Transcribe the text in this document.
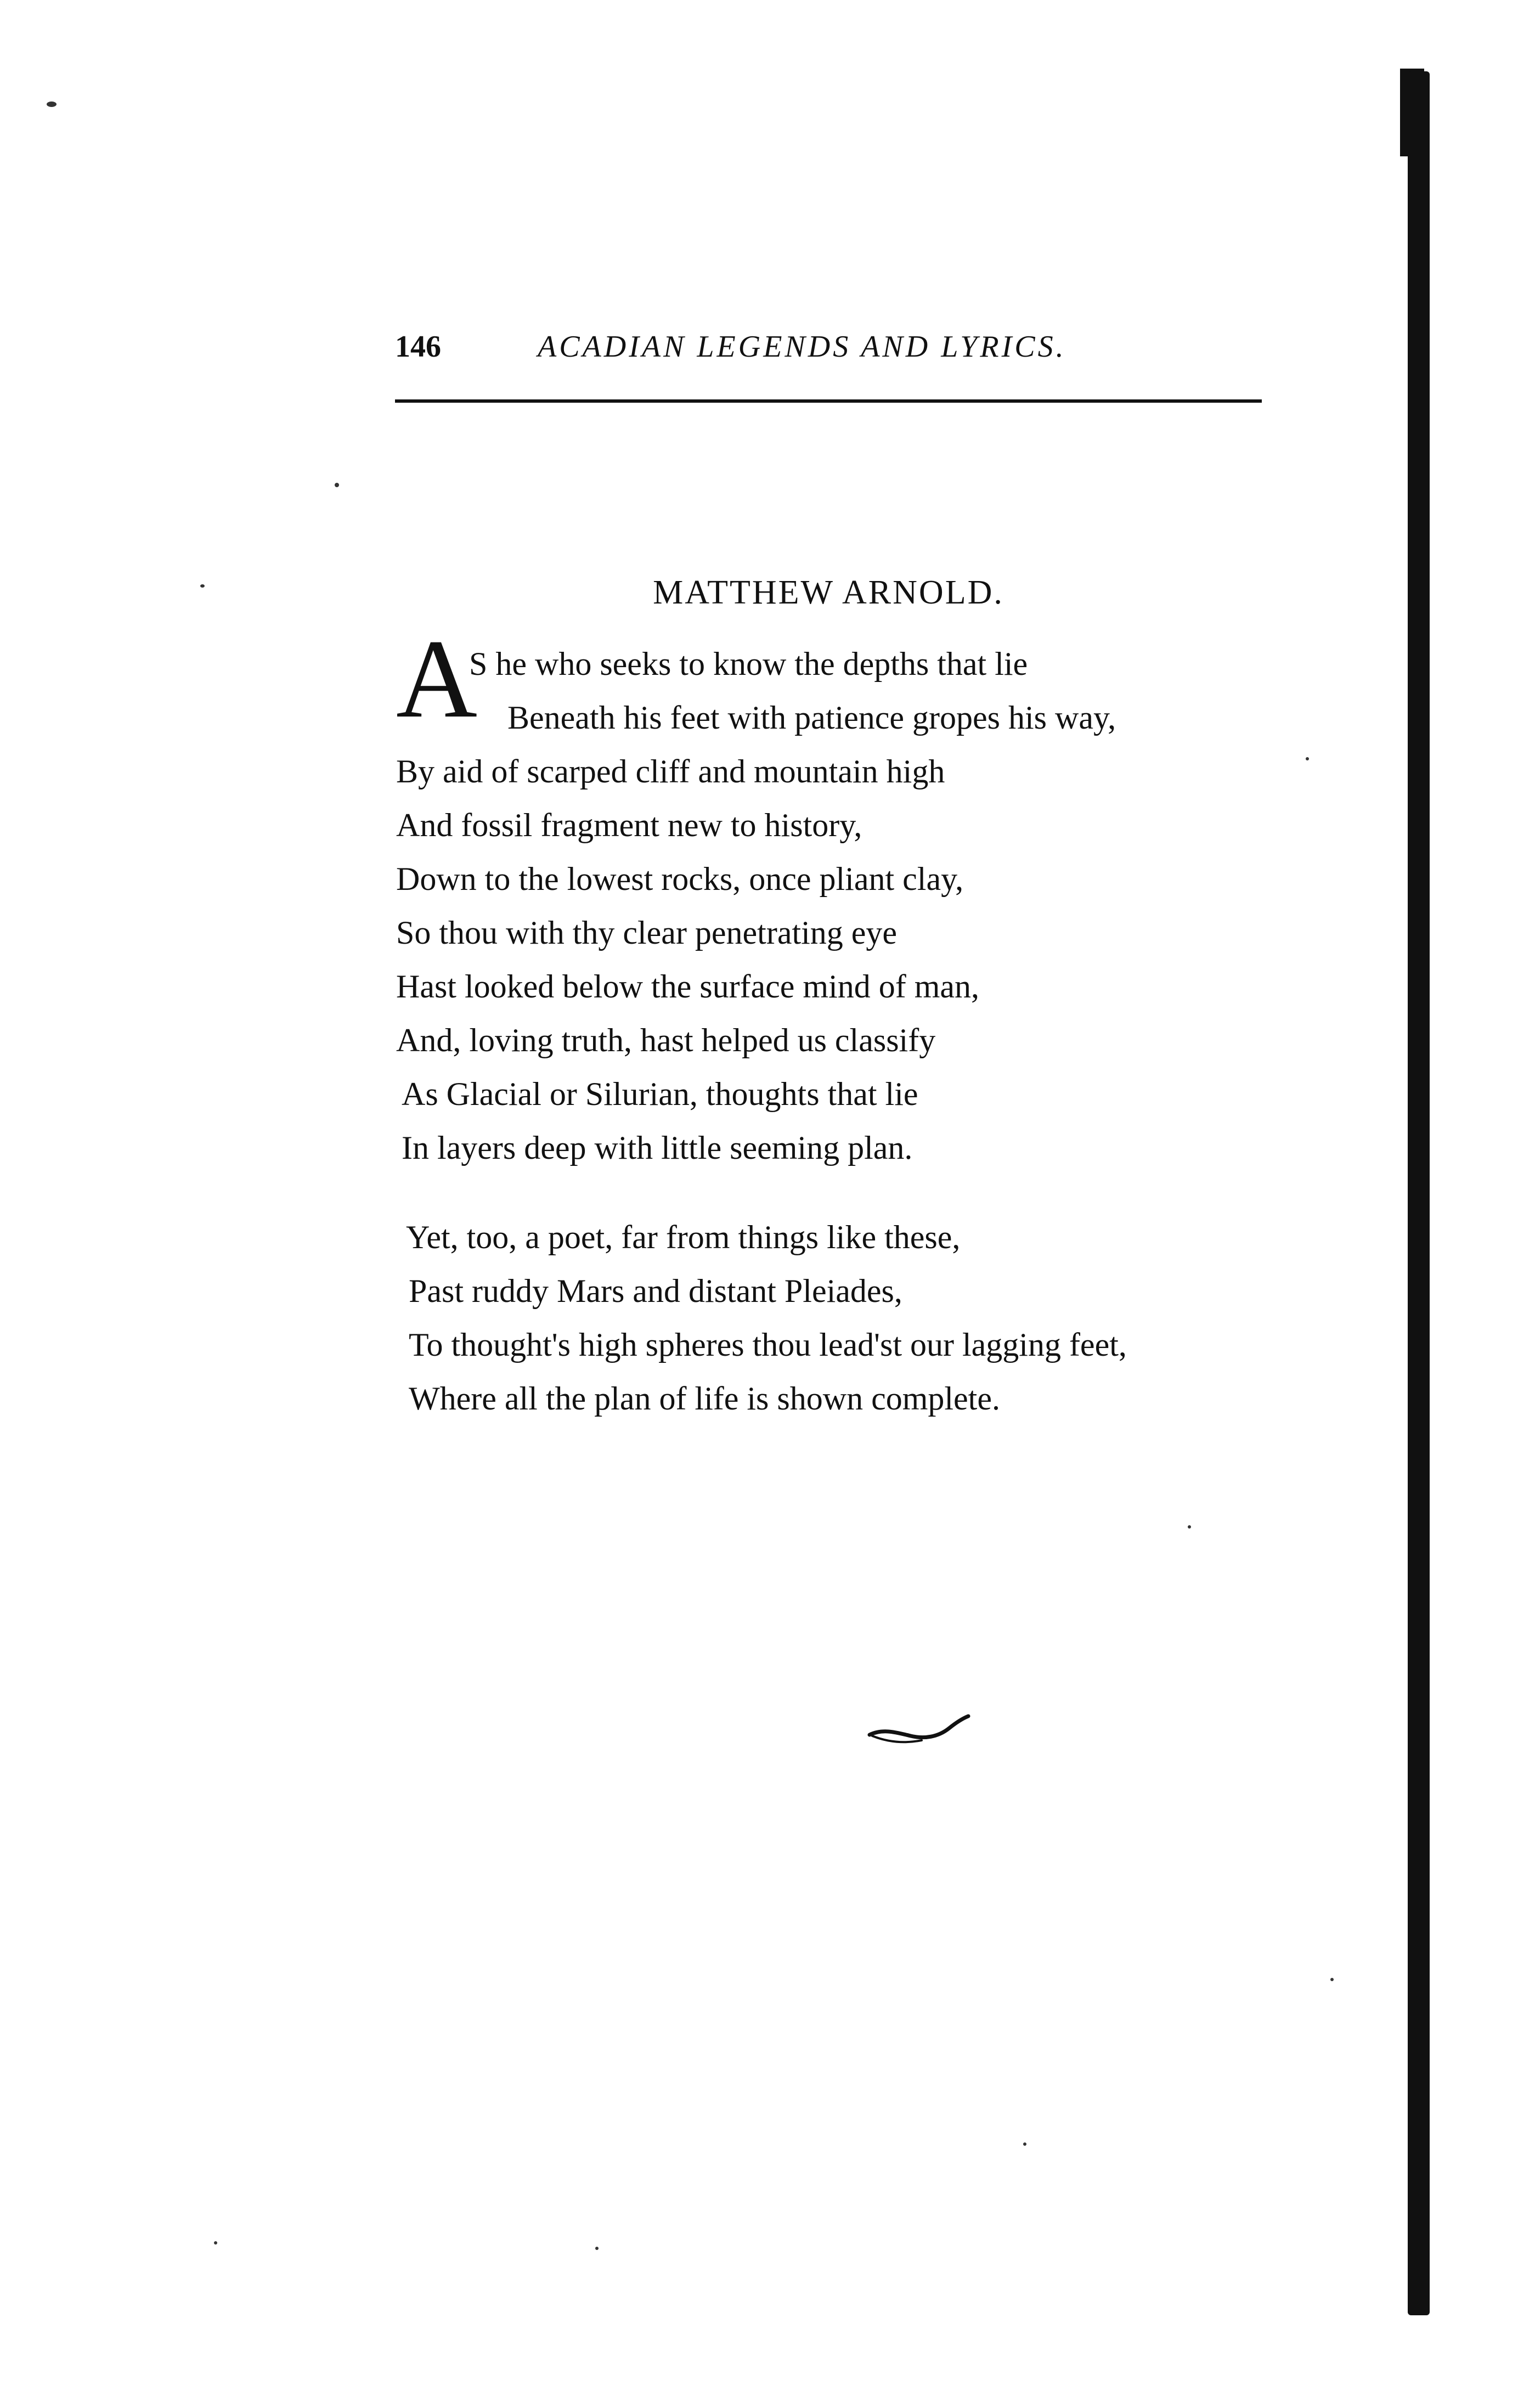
146	ACADIAN LEGENDS AND LYRICS.
MATTHEW ARNOLD.
A
S he who seeks to know the depths that lie
Beneath his feet with patience gropes his way,
By aid of scarped cliff and mountain high
And fossil fragment new to history,
Down to the lowest rocks, once pliant clay,
So thou with thy clear penetrating eye
Hast looked below the surface mind of man,
And, loving truth, hast helped us classify
As Glacial or Silurian, thoughts that lie
In layers deep with little seeming plan.
Yet, too, a poet, far from things like these,
Past ruddy Mars and distant Pleiades,
To thought's high spheres thou lead'st our lagging feet,
Where all the plan of life is shown complete.
